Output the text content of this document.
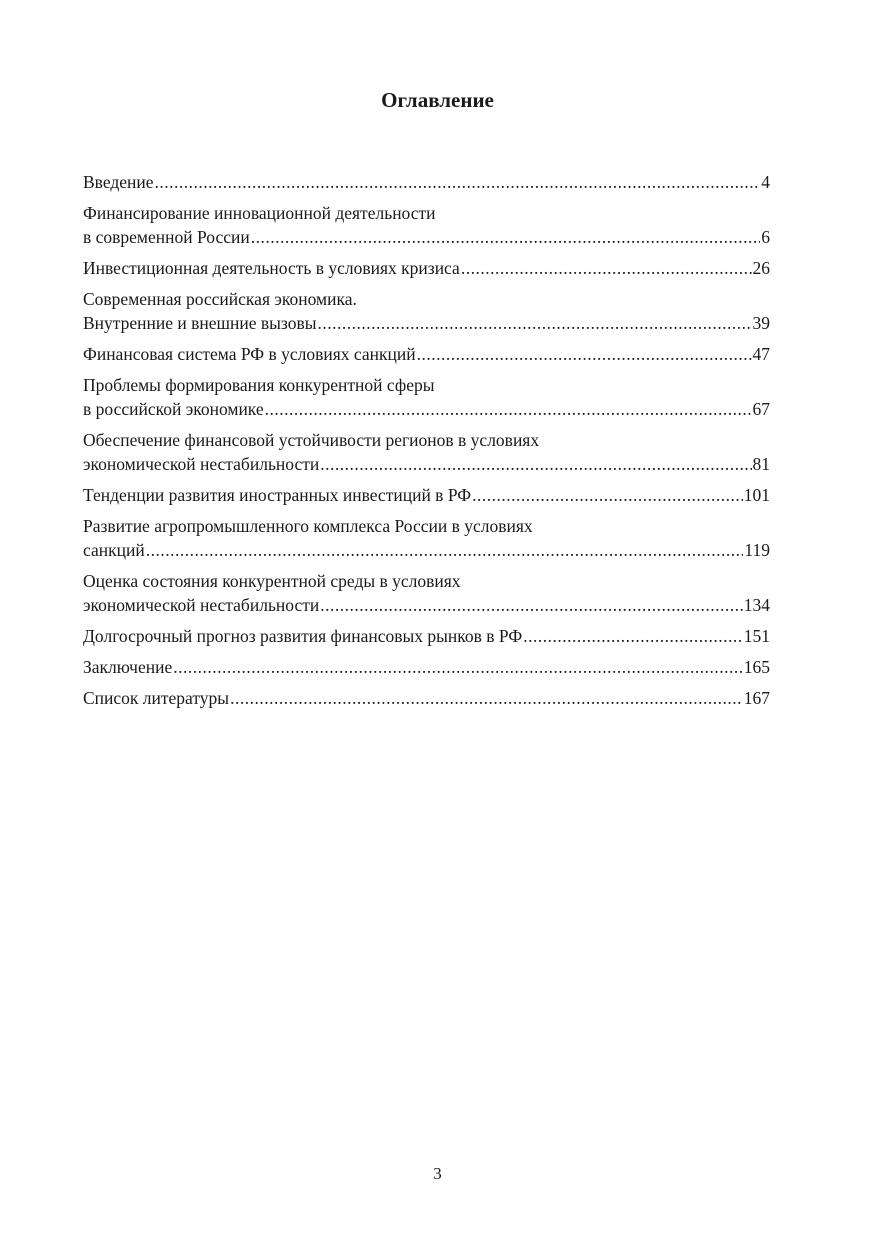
Оглавление
Введение .....	4
Финансирование инновационной деятельности
в современной России .....	6
Инвестиционная деятельность в условиях кризиса .....	26
Современная российская экономика.
Внутренние и внешние вызовы .....	39
Финансовая система РФ в условиях санкций .....	47
Проблемы формирования конкурентной сферы
в российской экономике .....	67
Обеспечение финансовой устойчивости регионов в условиях
экономической нестабильности .....	81
Тенденции развития иностранных инвестиций в РФ .....	101
Развитие агропромышленного комплекса России в условиях
санкций .....	119
Оценка состояния конкурентной среды в условиях
экономической нестабильности .....	134
Долгосрочный прогноз развития финансовых рынков в РФ .....	151
Заключение .....	165
Список литературы .....	167
3
